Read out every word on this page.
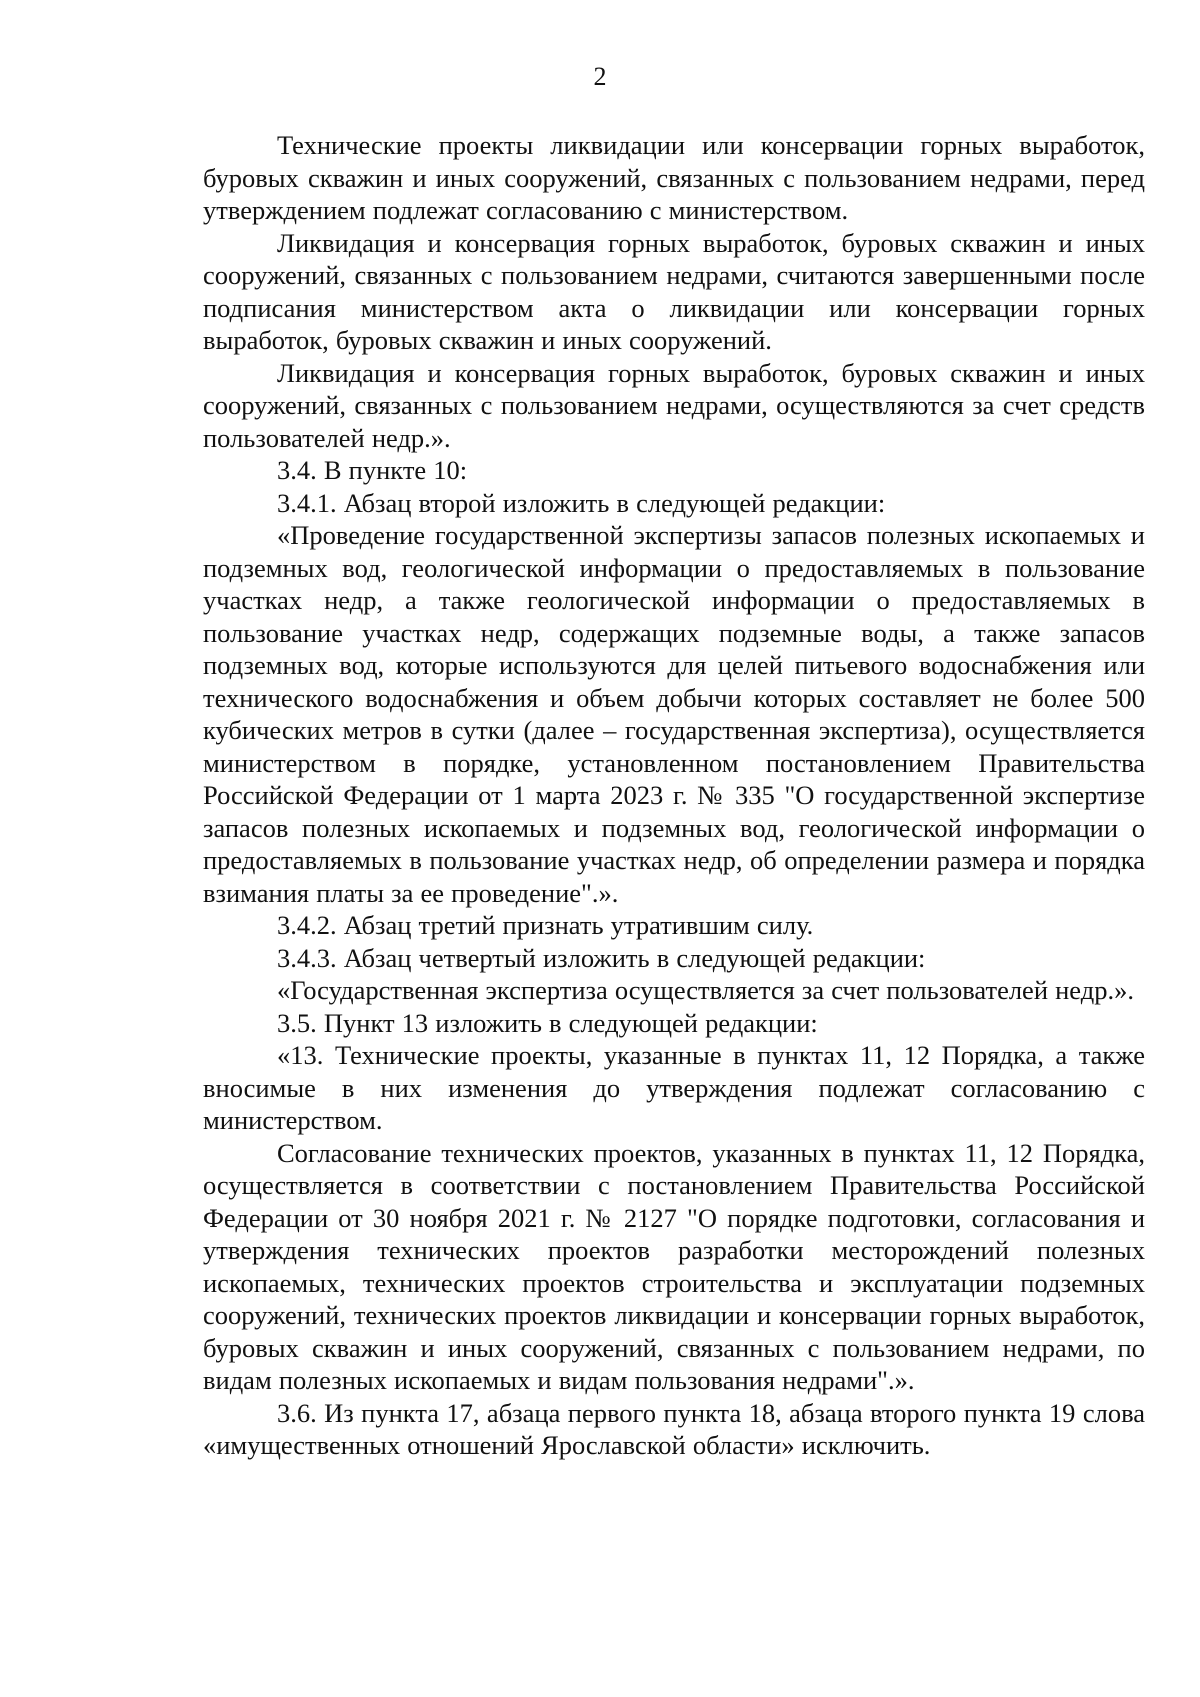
2

Технические проекты ликвидации или консервации горных выработок, буровых скважин и иных сооружений, связанных с пользованием недрами, перед утверждением подлежат согласованию с министерством.

Ликвидация и консервация горных выработок, буровых скважин и иных сооружений, связанных с пользованием недрами, считаются завершенными после подписания министерством акта о ликвидации или консервации горных выработок, буровых скважин и иных сооружений.

Ликвидация и консервация горных выработок, буровых скважин и иных сооружений, связанных с пользованием недрами, осуществляются за счет средств пользователей недр.».

3.4. В пункте 10:

3.4.1. Абзац второй изложить в следующей редакции:

«Проведение государственной экспертизы запасов полезных ископаемых и подземных вод, геологической информации о предоставляемых в пользование участках недр, а также геологической информации о предоставляемых в пользование участках недр, содержащих подземные воды, а также запасов подземных вод, которые используются для целей питьевого водоснабжения или технического водоснабжения и объем добычи которых составляет не более 500 кубических метров в сутки (далее – государственная экспертиза), осуществляется министерством в порядке, установленном постановлением Правительства Российской Федерации от 1 марта 2023 г. № 335 "О государственной экспертизе запасов полезных ископаемых и подземных вод, геологической информации о предоставляемых в пользование участках недр, об определении размера и порядка взимания платы за ее проведение".».

3.4.2. Абзац третий признать утратившим силу.

3.4.3. Абзац четвертый изложить в следующей редакции:

«Государственная экспертиза осуществляется за счет пользователей недр.».

3.5. Пункт 13 изложить в следующей редакции:

«13. Технические проекты, указанные в пунктах 11, 12 Порядка, а также вносимые в них изменения до утверждения подлежат согласованию с министерством.

Согласование технических проектов, указанных в пунктах 11, 12 Порядка, осуществляется в соответствии с постановлением Правительства Российской Федерации от 30 ноября 2021 г. № 2127 "О порядке подготовки, согласования и утверждения технических проектов разработки месторождений полезных ископаемых, технических проектов строительства и эксплуатации подземных сооружений, технических проектов ликвидации и консервации горных выработок, буровых скважин и иных сооружений, связанных с пользованием недрами, по видам полезных ископаемых и видам пользования недрами".».

3.6. Из пункта 17, абзаца первого пункта 18, абзаца второго пункта 19 слова «имущественных отношений Ярославской области» исключить.
